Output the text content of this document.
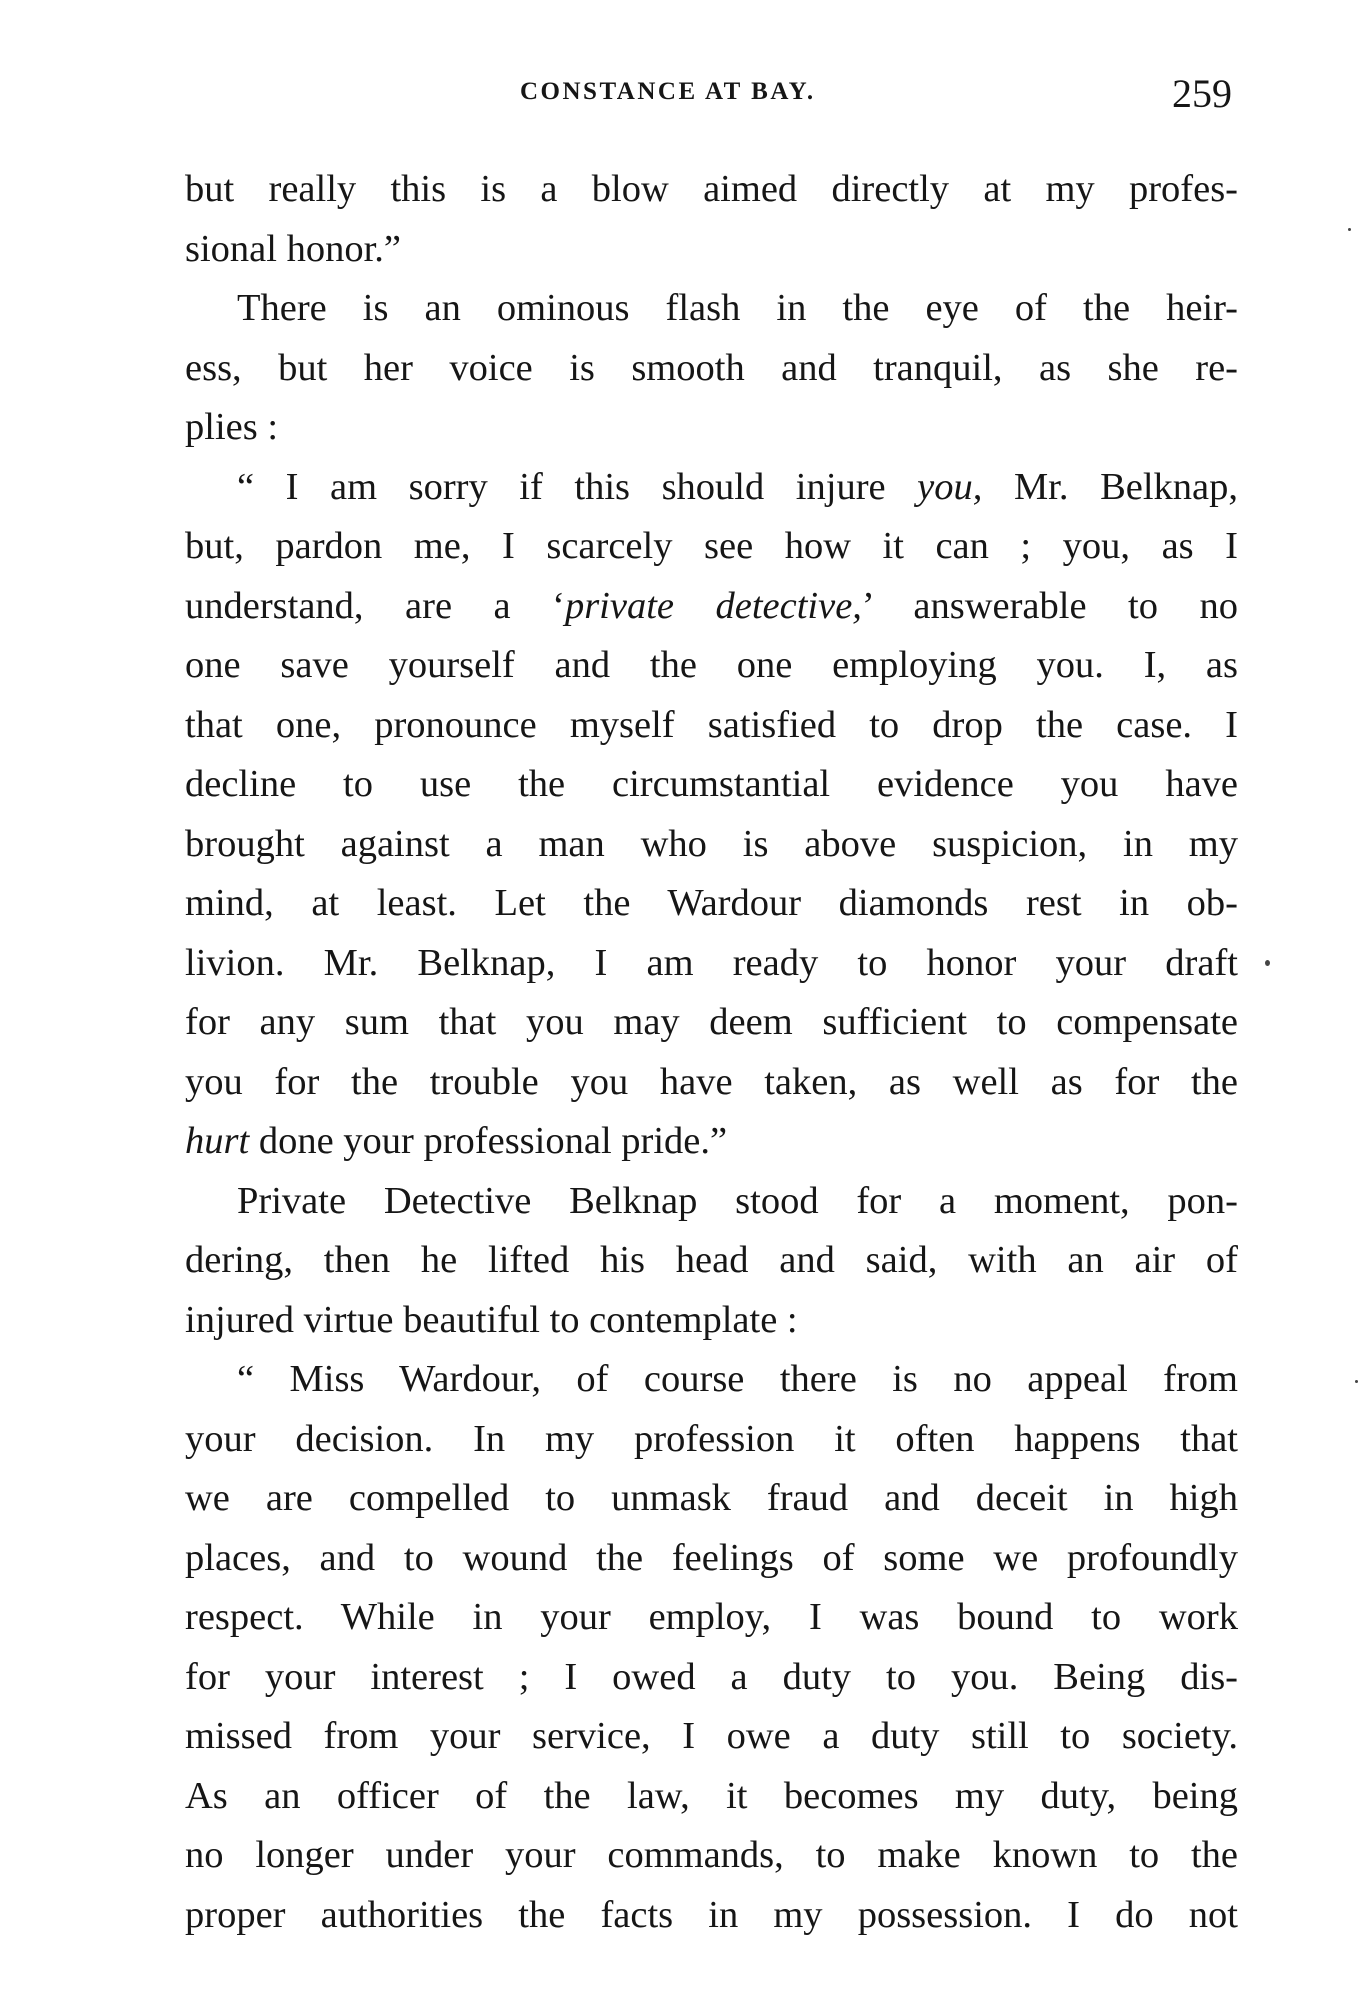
CONSTANCE AT BAY.	259
but really this is a blow aimed directly at my profes-
sional honor.”
There is an ominous flash in the eye of the heir-
ess, but her voice is smooth and tranquil, as she re-
plies :
“ I am sorry if this should injure you, Mr. Belknap,
but, pardon me, I scarcely see how it can ; you, as I
understand, are a ‘private detective,’ answerable to no
one save yourself and the one employing you. I, as
that one, pronounce myself satisfied to drop the case. I
decline to use the circumstantial evidence you have
brought against a man who is above suspicion, in my
mind, at least. Let the Wardour diamonds rest in ob-
livion. Mr. Belknap, I am ready to honor your draft
for any sum that you may deem sufficient to compensate
you for the trouble you have taken, as well as for the
hurt done your professional pride.”
Private Detective Belknap stood for a moment, pon-
dering, then he lifted his head and said, with an air of
injured virtue beautiful to contemplate :
“ Miss Wardour, of course there is no appeal from
your decision. In my profession it often happens that
we are compelled to unmask fraud and deceit in high
places, and to wound the feelings of some we profoundly
respect. While in your employ, I was bound to work
for your interest ; I owed a duty to you. Being dis-
missed from your service, I owe a duty still to society.
As an officer of the law, it becomes my duty, being
no longer under your commands, to make known to the
proper authorities the facts in my possession. I do not
